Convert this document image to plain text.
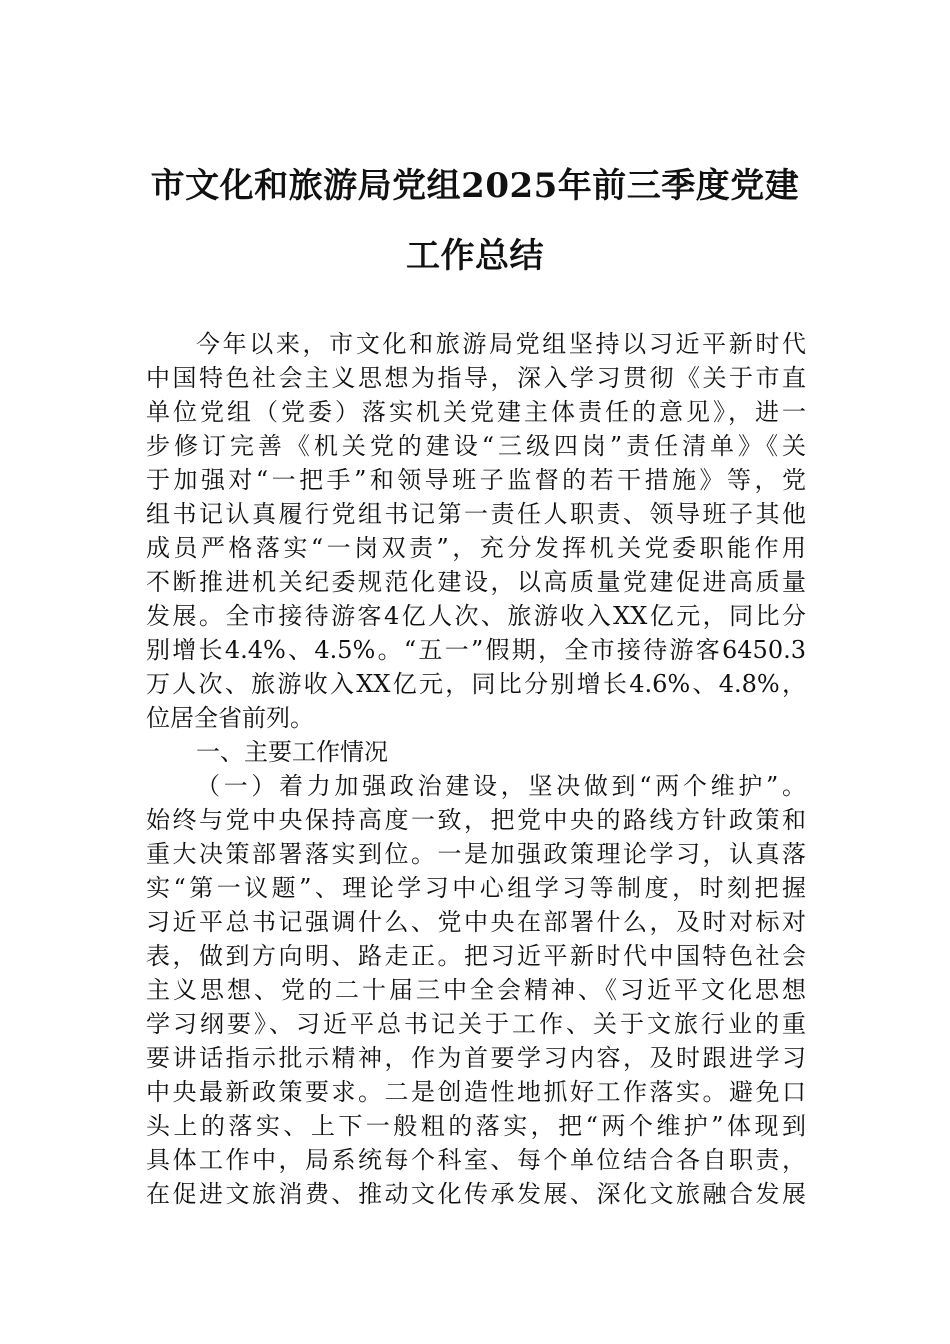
市文化和旅游局党组2025年前三季度党建
工作总结
今年以来，市文化和旅游局党组坚持以习近平新时代
中国特色社会主义思想为指导，深入学习贯彻《关于市直
单位党组（党委）落实机关党建主体责任的意见》，进一
步修订完善《机关党的建设“三级四岗”责任清单》《关
于加强对“一把手”和领导班子监督的若干措施》等，党
组书记认真履行党组书记第一责任人职责、领导班子其他
成员严格落实“一岗双责”，充分发挥机关党委职能作用
不断推进机关纪委规范化建设，以高质量党建促进高质量
发展。全市接待游客4亿人次、旅游收入XX亿元，同比分
别增长4.4%、4.5%。“五一”假期，全市接待游客6450.3
万人次、旅游收入XX亿元，同比分别增长4.6%、4.8%，
位居全省前列。
一、主要工作情况
（一）着力加强政治建设，坚决做到“两个维护”。
始终与党中央保持高度一致，把党中央的路线方针政策和
重大决策部署落实到位。一是加强政策理论学习，认真落
实“第一议题”、理论学习中心组学习等制度，时刻把握
习近平总书记强调什么、党中央在部署什么，及时对标对
表，做到方向明、路走正。把习近平新时代中国特色社会
主义思想、党的二十届三中全会精神、《习近平文化思想
学习纲要》、习近平总书记关于工作、关于文旅行业的重
要讲话指示批示精神，作为首要学习内容，及时跟进学习
中央最新政策要求。二是创造性地抓好工作落实。避免口
头上的落实、上下一般粗的落实，把“两个维护”体现到
具体工作中，局系统每个科室、每个单位结合各自职责，
在促进文旅消费、推动文化传承发展、深化文旅融合发展
